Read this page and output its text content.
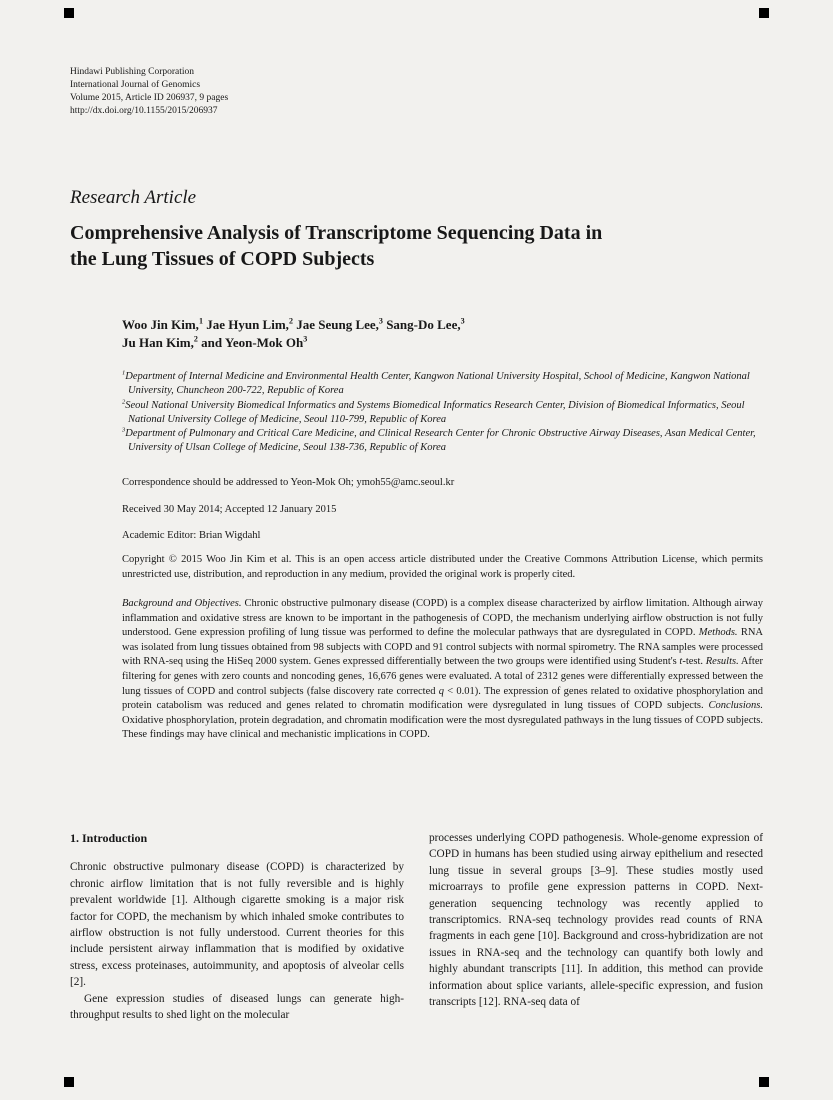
Hindawi Publishing Corporation
International Journal of Genomics
Volume 2015, Article ID 206937, 9 pages
http://dx.doi.org/10.1155/2015/206937
Research Article
Comprehensive Analysis of Transcriptome Sequencing Data in
the Lung Tissues of COPD Subjects
Woo Jin Kim,$^1$ Jae Hyun Lim,$^2$ Jae Seung Lee,$^3$ Sang-Do Lee,$^3$
Ju Han Kim,$^2$ and Yeon-Mok Oh$^3$

$^1$Department of Internal Medicine and Environmental Health Center, Kangwon National University Hospital, School of Medicine, Kangwon National University, Chuncheon 200-722, Republic of Korea

$^2$Seoul National University Biomedical Informatics and Systems Biomedical Informatics Research Center, Division of Biomedical Informatics, Seoul National University College of Medicine, Seoul 110-799, Republic of Korea

$^3$Department of Pulmonary and Critical Care Medicine, and Clinical Research Center for Chronic Obstructive Airway Diseases, Asan Medical Center, University of Ulsan College of Medicine, Seoul 138-736, Republic of Korea

Correspondence should be addressed to Yeon-Mok Oh; ymoh55@amc.seoul.kr
Received 30 May 2014; Accepted 12 January 2015
Academic Editor: Brian Wigdahl
Copyright © 2015 Woo Jin Kim et al. This is an open access article distributed under the Creative Commons Attribution License, which permits unrestricted use, distribution, and reproduction in any medium, provided the original work is properly cited.
Background and Objectives. Chronic obstructive pulmonary disease (COPD) is a complex disease characterized by airflow limitation. Although airway inflammation and oxidative stress are known to be important in the pathogenesis of COPD, the mechanism underlying airflow obstruction is not fully understood. Gene expression profiling of lung tissue was performed to define the molecular pathways that are dysregulated in COPD. Methods. RNA was isolated from lung tissues obtained from 98 subjects with COPD and 91 control subjects with normal spirometry. The RNA samples were processed with RNA-seq using the HiSeq 2000 system. Genes expressed differentially between the two groups were identified using Student's t-test. Results. After filtering for genes with zero counts and noncoding genes, 16,676 genes were evaluated. A total of 2312 genes were differentially expressed between the lung tissues of COPD and control subjects (false discovery rate corrected q < 0.01). The expression of genes related to oxidative phosphorylation and protein catabolism was reduced and genes related to chromatin modification were dysregulated in lung tissues of COPD subjects. Conclusions. Oxidative phosphorylation, protein degradation, and chromatin modification were the most dysregulated pathways in the lung tissues of COPD subjects. These findings may have clinical and mechanistic implications in COPD.
1. Introduction

Chronic obstructive pulmonary disease (COPD) is characterized by chronic airflow limitation that is not fully reversible and is highly prevalent worldwide [1]. Although cigarette smoking is a major risk factor for COPD, the mechanism by which inhaled smoke contributes to airflow obstruction is not fully understood. Current theories for this include persistent airway inflammation that is modified by oxidative stress, excess proteinases, autoimmunity, and apoptosis of alveolar cells [2].

Gene expression studies of diseased lungs can generate high-throughput results to shed light on the molecular

processes underlying COPD pathogenesis. Whole-genome expression of COPD in humans has been studied using airway epithelium and resected lung tissue in several groups [3–9]. These studies mostly used microarrays to profile gene expression patterns in COPD. Next-generation sequencing technology was recently applied to transcriptomics. RNA-seq technology provides read counts of RNA fragments in each gene [10]. Background and cross-hybridization are not issues in RNA-seq and the technology can quantify both lowly and highly abundant transcripts [11]. In addition, this method can provide information about splice variants, allele-specific expression, and fusion transcripts [12]. RNA-seq data of
